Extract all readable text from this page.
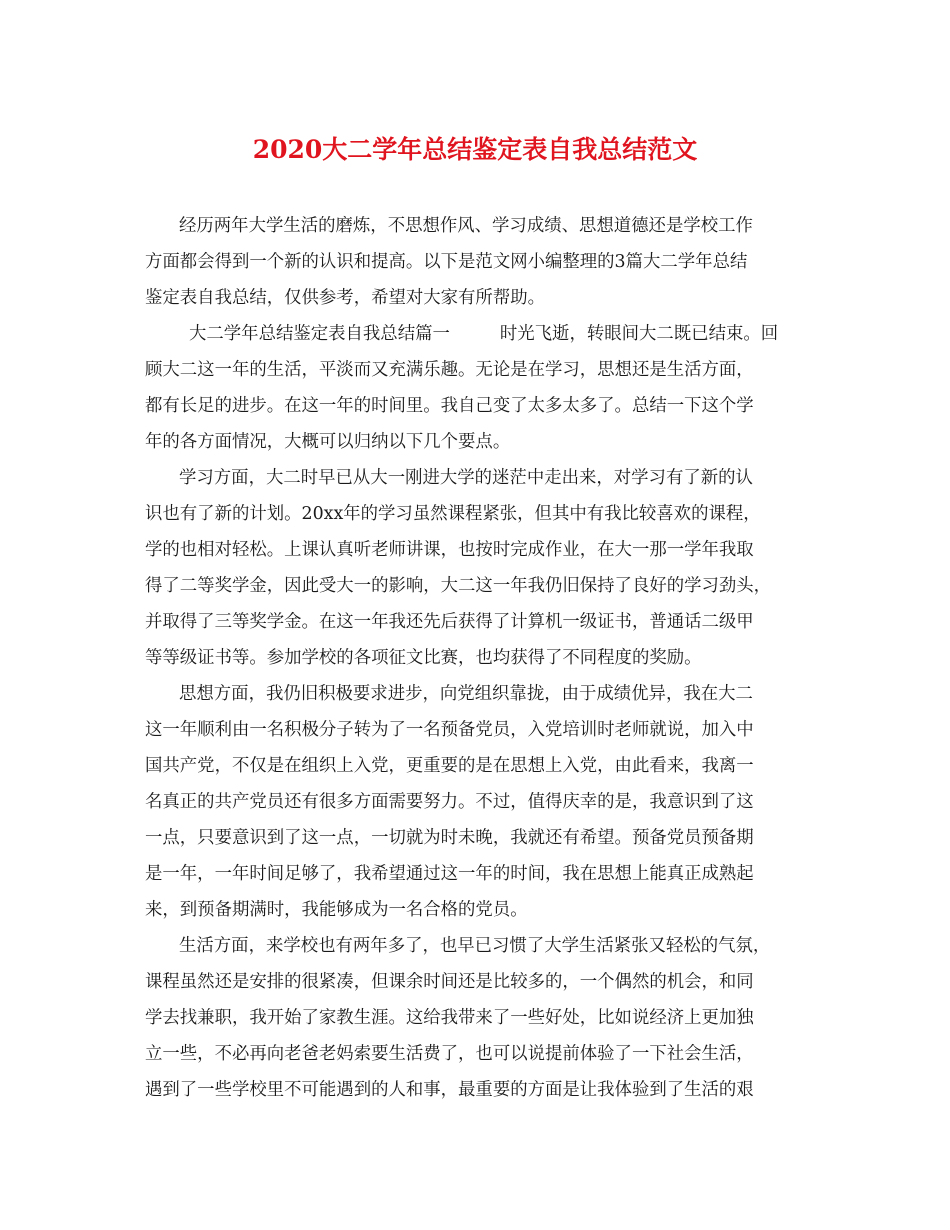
2020大二学年总结鉴定表自我总结范文
经历两年大学生活的磨炼，不思想作风、学习成绩、思想道德还是学校工作
方面都会得到一个新的认识和提高。以下是范文网小编整理的3篇大二学年总结
鉴定表自我总结，仅供参考，希望对大家有所帮助。
大二学年总结鉴定表自我总结篇一	时光飞逝，转眼间大二既已结束。回
顾大二这一年的生活，平淡而又充满乐趣。无论是在学习，思想还是生活方面，
都有长足的进步。在这一年的时间里。我自己变了太多太多了。总结一下这个学
年的各方面情况，大概可以归纳以下几个要点。
学习方面，大二时早已从大一刚进大学的迷茫中走出来，对学习有了新的认
识也有了新的计划。20xx年的学习虽然课程紧张，但其中有我比较喜欢的课程，
学的也相对轻松。上课认真听老师讲课，也按时完成作业，在大一那一学年我取
得了二等奖学金，因此受大一的影响，大二这一年我仍旧保持了良好的学习劲头，
并取得了三等奖学金。在这一年我还先后获得了计算机一级证书，普通话二级甲
等等级证书等。参加学校的各项征文比赛，也均获得了不同程度的奖励。
思想方面，我仍旧积极要求进步，向党组织靠拢，由于成绩优异，我在大二
这一年顺利由一名积极分子转为了一名预备党员，入党培训时老师就说，加入中
国共产党，不仅是在组织上入党，更重要的是在思想上入党，由此看来，我离一
名真正的共产党员还有很多方面需要努力。不过，值得庆幸的是，我意识到了这
一点，只要意识到了这一点，一切就为时未晚，我就还有希望。预备党员预备期
是一年，一年时间足够了，我希望通过这一年的时间，我在思想上能真正成熟起
来，到预备期满时，我能够成为一名合格的党员。
生活方面，来学校也有两年多了，也早已习惯了大学生活紧张又轻松的气氛，
课程虽然还是安排的很紧凑，但课余时间还是比较多的，一个偶然的机会，和同
学去找兼职，我开始了家教生涯。这给我带来了一些好处，比如说经济上更加独
立一些，不必再向老爸老妈索要生活费了，也可以说提前体验了一下社会生活，
遇到了一些学校里不可能遇到的人和事，最重要的方面是让我体验到了生活的艰
